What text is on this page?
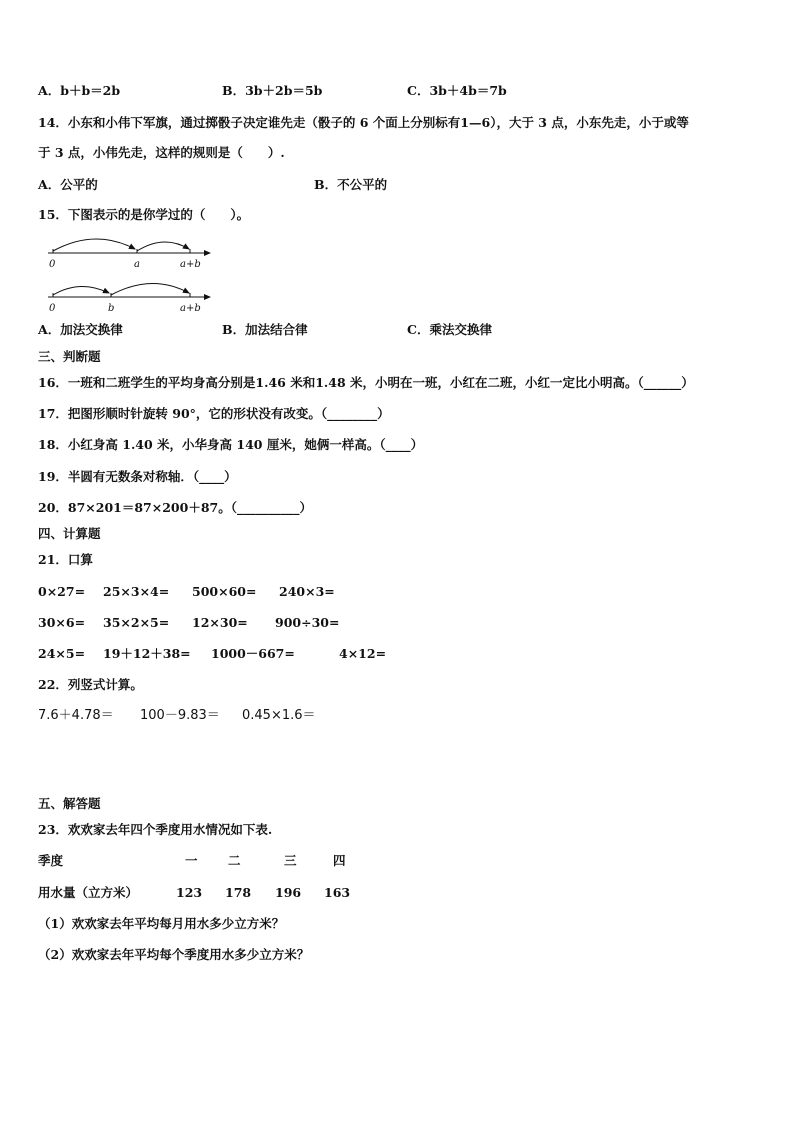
A．b＋b＝2b	B．3b＋2b＝5b	C．3b＋4b＝7b
14．小东和小伟下军旗，通过掷骰子决定谁先走（骰子的 6 个面上分别标有1—6），大于 3 点，小东先走，小于或等
于 3 点，小伟先走，这样的规则是（　　）.
A．公平的	B．不公平的
15．下图表示的是你学过的（　　）。
0	a	a+b
0	b	a+b
A．加法交换律	B．加法结合律	C．乘法交换律
三、判断题
16．一班和二班学生的平均身高分别是1.46 米和1.48 米，小明在一班，小红在二班，小红一定比小明高。（______）
17．把图形顺时针旋转 90°，它的形状没有改变。（________）
18．小红身高 1.40 米，小华身高 140 厘米，她俩一样高。（____）
19．半圆有无数条对称轴．（____）
20．87×201＝87×200＋87。（__________）
四、计算题
21．口算
0×27= 25×3×4= 500×60= 240×3=
30×6= 35×2×5= 12×30= 900÷30=
24×5= 19＋12＋38= 1000－667=	4×12=
22．列竖式计算。
7.6＋4.78＝ 100－9.83＝ 0.45×1.6＝
五、解答题
23．欢欢家去年四个季度用水情况如下表.
季度	一 二	三	四
用水量（立方米）	123 178 196 163
（1）欢欢家去年平均每月用水多少立方米？
（2）欢欢家去年平均每个季度用水多少立方米？
